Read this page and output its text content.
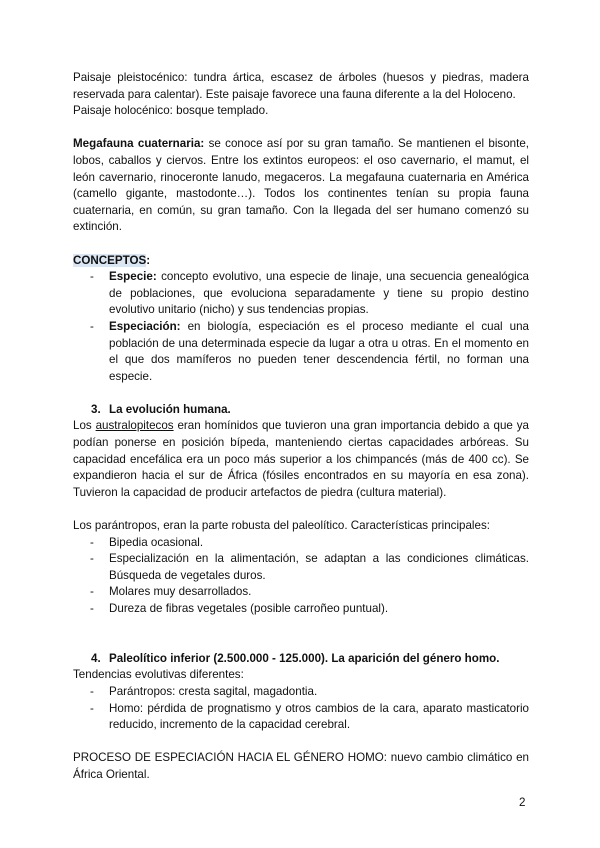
Paisaje pleistocénico: tundra ártica, escasez de árboles (huesos y piedras, madera reservada para calentar). Este paisaje favorece una fauna diferente a la del Holoceno.

Paisaje holocénico: bosque templado.

Megafauna cuaternaria: se conoce así por su gran tamaño. Se mantienen el bisonte, lobos, caballos y ciervos. Entre los extintos europeos: el oso cavernario, el mamut, el león cavernario, rinoceronte lanudo, megaceros. La megafauna cuaternaria en América (camello gigante, mastodonte…). Todos los continentes tenían su propia fauna cuaternaria, en común, su gran tamaño. Con la llegada del ser humano comenzó su extinción.

CONCEPTOS:

- Especie: concepto evolutivo, una especie de linaje, una secuencia genealógica de poblaciones, que evoluciona separadamente y tiene su propio destino evolutivo unitario (nicho) y sus tendencias propias.
- Especiación: en biología, especiación es el proceso mediante el cual una población de una determinada especie da lugar a otra u otras. En el momento en el que dos mamíferos no pueden tener descendencia fértil, no forman una especie.
3. La evolución humana.

Los australopitecos eran homínidos que tuvieron una gran importancia debido a que ya podían ponerse en posición bípeda, manteniendo ciertas capacidades arbóreas. Su capacidad encefálica era un poco más superior a los chimpancés (más de 400 cc). Se expandieron hacia el sur de África (fósiles encontrados en su mayoría en esa zona). Tuvieron la capacidad de producir artefactos de piedra (cultura material).

Los parántropos, eran la parte robusta del paleolítico. Características principales:

- Bipedia ocasional.
- Especialización en la alimentación, se adaptan a las condiciones climáticas. Búsqueda de vegetales duros.
- Molares muy desarrollados.
- Dureza de fibras vegetales (posible carroñeo puntual).
4. Paleolítico inferior (2.500.000 - 125.000). La aparición del género homo.

Tendencias evolutivas diferentes:

- Parántropos: cresta sagital, magadontia.
- Homo: pérdida de prognatismo y otros cambios de la cara, aparato masticatorio reducido, incremento de la capacidad cerebral.

PROCESO DE ESPECIACIÓN HACIA EL GÉNERO HOMO: nuevo cambio climático en África Oriental.

2
